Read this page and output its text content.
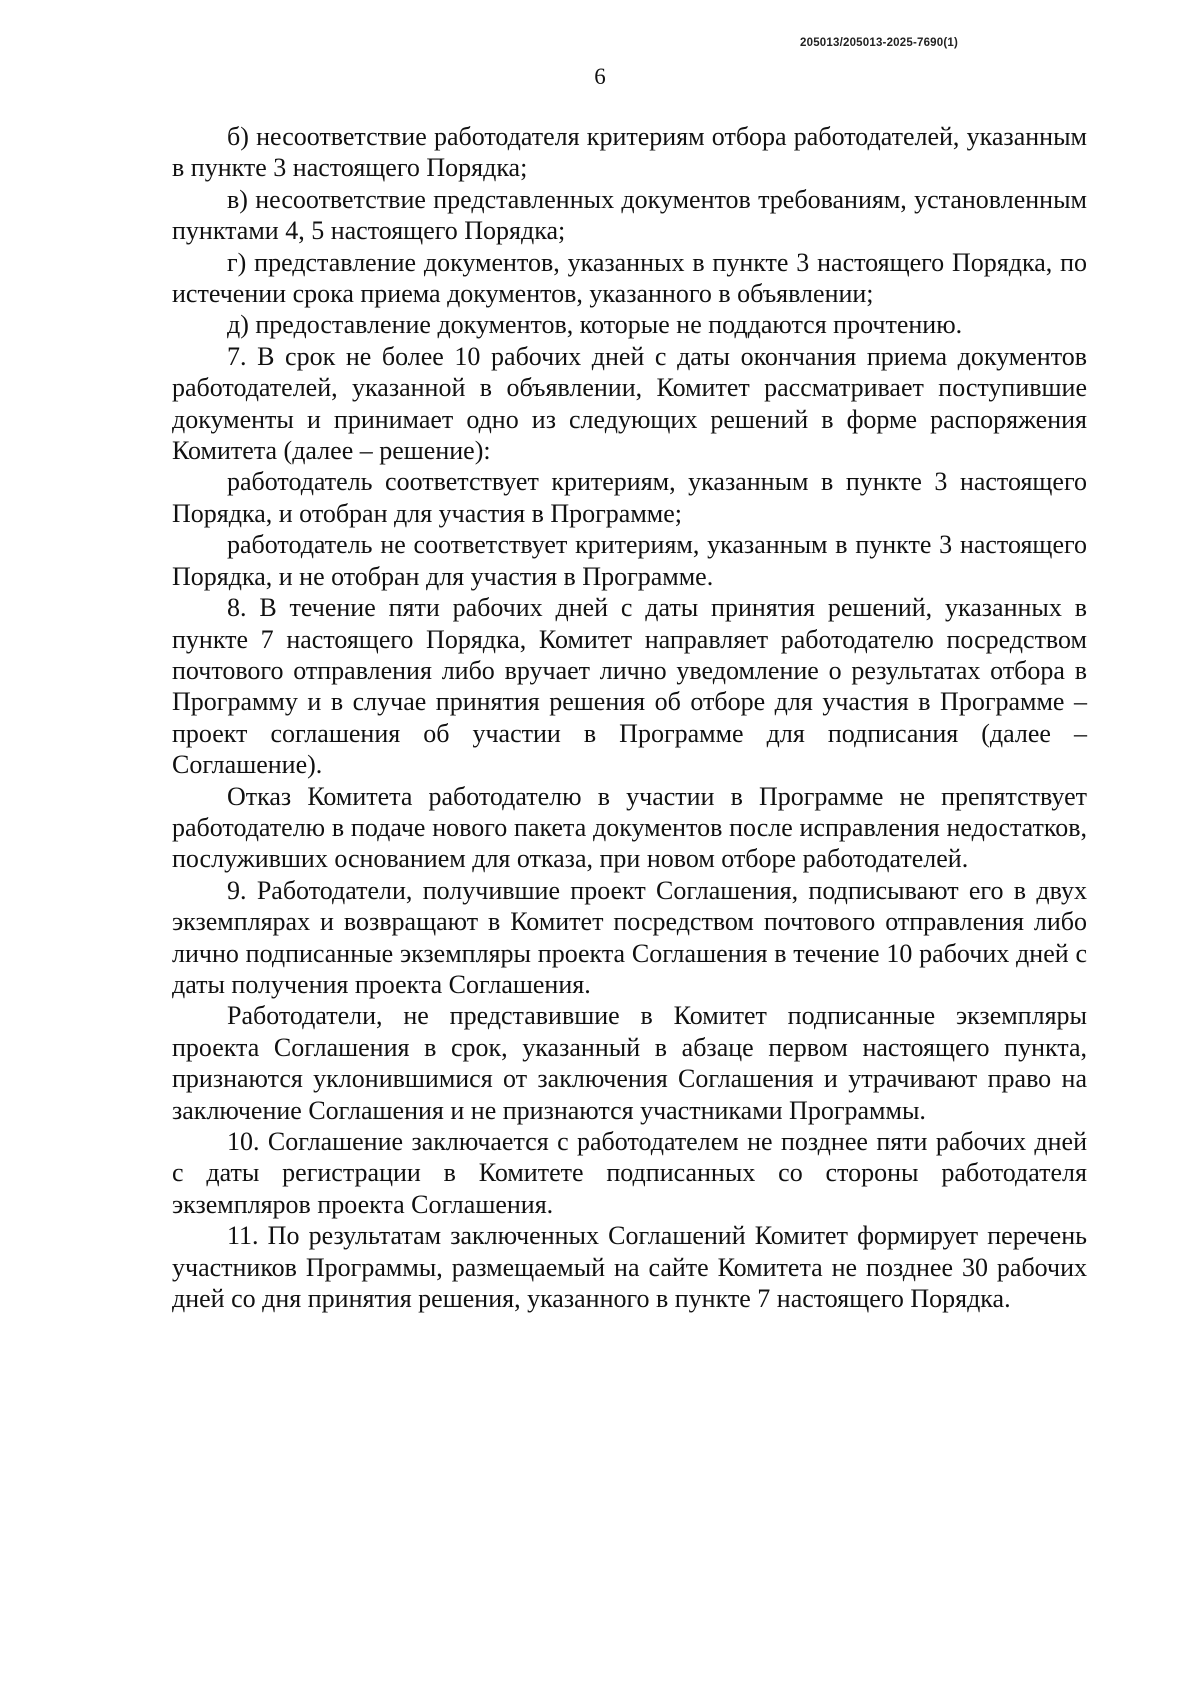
205013/205013-2025-7690(1)
6

б) несоответствие работодателя критериям отбора работодателей, указанным в пункте 3 настоящего Порядка;

в) несоответствие представленных документов требованиям, установленным пунктами 4, 5 настоящего Порядка;

г) представление документов, указанных в пункте 3 настоящего Порядка, по истечении срока приема документов, указанного в объявлении;

д) предоставление документов, которые не поддаются прочтению.

7. В срок не более 10 рабочих дней с даты окончания приема документов работодателей, указанной в объявлении, Комитет рассматривает поступившие документы и принимает одно из следующих решений в форме распоряжения Комитета (далее – решение):

работодатель соответствует критериям, указанным в пункте 3 настоящего Порядка, и отобран для участия в Программе;

работодатель не соответствует критериям, указанным в пункте 3 настоящего Порядка, и не отобран для участия в Программе.

8. В течение пяти рабочих дней с даты принятия решений, указанных в пункте 7 настоящего Порядка, Комитет направляет работодателю посредством почтового отправления либо вручает лично уведомление о результатах отбора в Программу и в случае принятия решения об отборе для участия в Программе – проект соглашения об участии в Программе для подписания (далее – Соглашение).

Отказ Комитета работодателю в участии в Программе не препятствует работодателю в подаче нового пакета документов после исправления недостатков, послуживших основанием для отказа, при новом отборе работодателей.

9. Работодатели, получившие проект Соглашения, подписывают его в двух экземплярах и возвращают в Комитет посредством почтового отправления либо лично подписанные экземпляры проекта Соглашения в течение 10 рабочих дней с даты получения проекта Соглашения.

Работодатели, не представившие в Комитет подписанные экземпляры проекта Соглашения в срок, указанный в абзаце первом настоящего пункта, признаются уклонившимися от заключения Соглашения и утрачивают право на заключение Соглашения и не признаются участниками Программы.

10. Соглашение заключается с работодателем не позднее пяти рабочих дней с даты регистрации в Комитете подписанных со стороны работодателя экземпляров проекта Соглашения.

11. По результатам заключенных Соглашений Комитет формирует перечень участников Программы, размещаемый на сайте Комитета не позднее 30 рабочих дней со дня принятия решения, указанного в пункте 7 настоящего Порядка.
